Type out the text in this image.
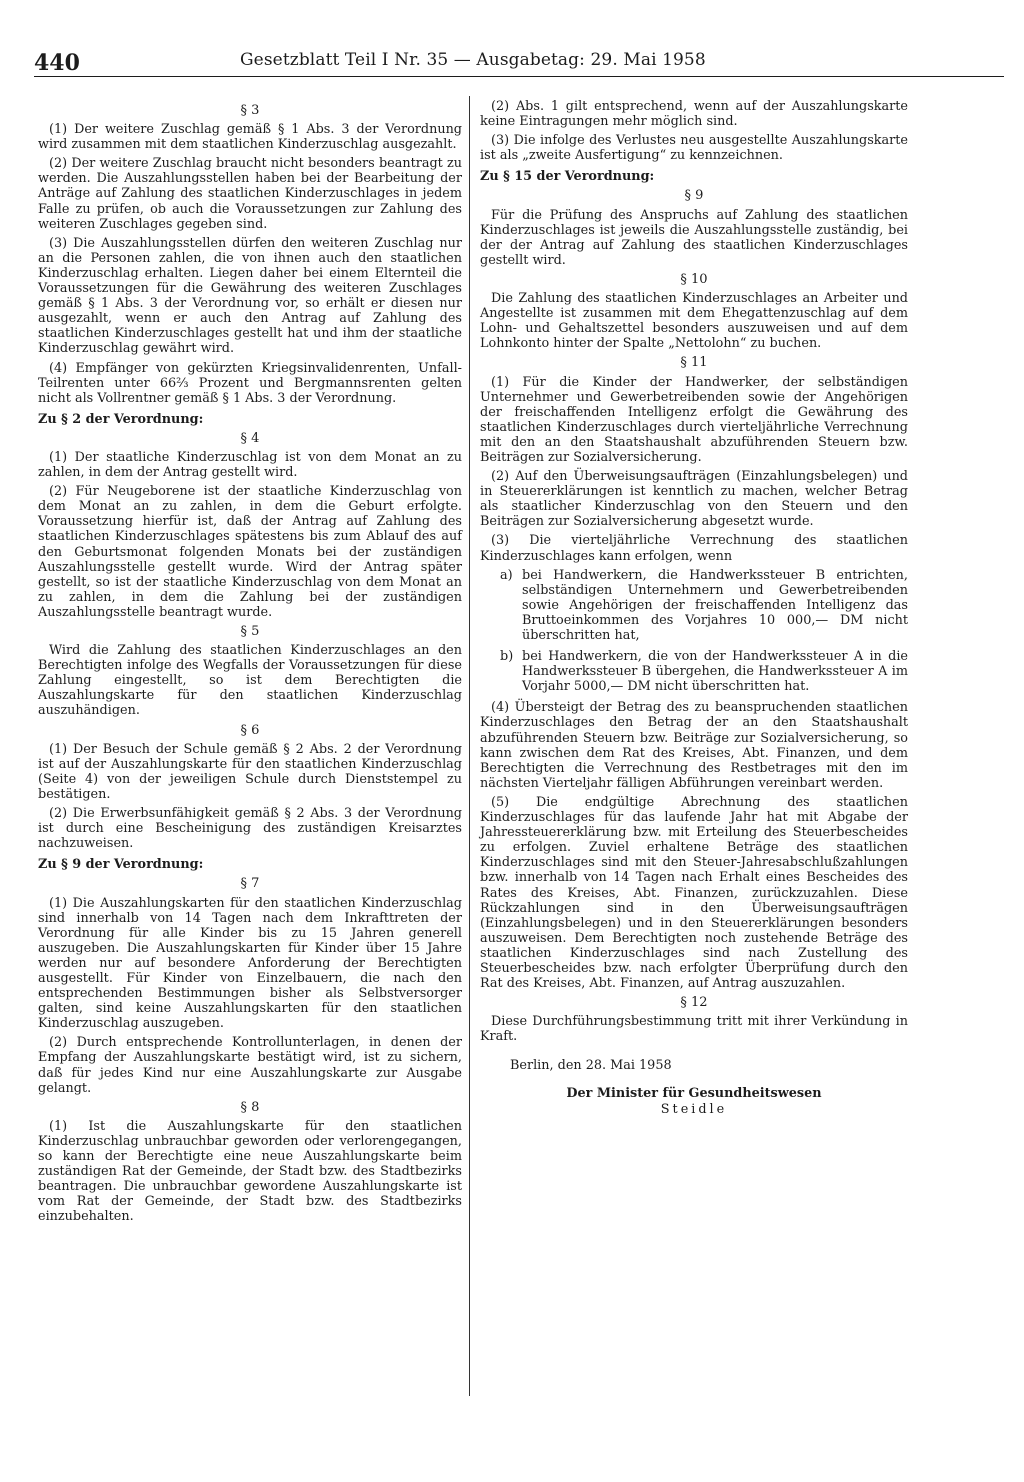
440	Gesetzblatt Teil I Nr. 35 — Ausgabetag: 29. Mai 1958
§ 3

(1) Der weitere Zuschlag gemäß § 1 Abs. 3 der Verordnung wird zusammen mit dem staatlichen Kinderzuschlag ausgezahlt.

(2) Der weitere Zuschlag braucht nicht besonders beantragt zu werden. Die Auszahlungsstellen haben bei der Bearbeitung der Anträge auf Zahlung des staatlichen Kinderzuschlages in jedem Falle zu prüfen, ob auch die Voraussetzungen zur Zahlung des weiteren Zuschlages gegeben sind.

(3) Die Auszahlungsstellen dürfen den weiteren Zuschlag nur an die Personen zahlen, die von ihnen auch den staatlichen Kinderzuschlag erhalten. Liegen daher bei einem Elternteil die Voraussetzungen für die Gewährung des weiteren Zuschlages gemäß § 1 Abs. 3 der Verordnung vor, so erhält er diesen nur ausgezahlt, wenn er auch den Antrag auf Zahlung des staatlichen Kinderzuschlages gestellt hat und ihm der staatliche Kinderzuschlag gewährt wird.

(4) Empfänger von gekürzten Kriegsinvalidenrenten, Unfall-Teilrenten unter 66⅔ Prozent und Bergmannsrenten gelten nicht als Vollrentner gemäß § 1 Abs. 3 der Verordnung.

Zu § 2 der Verordnung:
§ 4

(1) Der staatliche Kinderzuschlag ist von dem Monat an zu zahlen, in dem der Antrag gestellt wird.

(2) Für Neugeborene ist der staatliche Kinderzuschlag von dem Monat an zu zahlen, in dem die Geburt erfolgte. Voraussetzung hierfür ist, daß der Antrag auf Zahlung des staatlichen Kinderzuschlages spätestens bis zum Ablauf des auf den Geburtsmonat folgenden Monats bei der zuständigen Auszahlungsstelle gestellt wurde. Wird der Antrag später gestellt, so ist der staatliche Kinderzuschlag von dem Monat an zu zahlen, in dem die Zahlung bei der zuständigen Auszahlungsstelle beantragt wurde.

§ 5

Wird die Zahlung des staatlichen Kinderzuschlages an den Berechtigten infolge des Wegfalls der Voraussetzungen für diese Zahlung eingestellt, so ist dem Berechtigten die Auszahlungskarte für den staatlichen Kinderzuschlag auszuhändigen.

§ 6

(1) Der Besuch der Schule gemäß § 2 Abs. 2 der Verordnung ist auf der Auszahlungskarte für den staatlichen Kinderzuschlag (Seite 4) von der jeweiligen Schule durch Dienststempel zu bestätigen.

(2) Die Erwerbsunfähigkeit gemäß § 2 Abs. 3 der Verordnung ist durch eine Bescheinigung des zuständigen Kreisarztes nachzuweisen.

Zu § 9 der Verordnung:
§ 7

(1) Die Auszahlungskarten für den staatlichen Kinderzuschlag sind innerhalb von 14 Tagen nach dem Inkrafttreten der Verordnung für alle Kinder bis zu 15 Jahren generell auszugeben. Die Auszahlungskarten für Kinder über 15 Jahre werden nur auf besondere Anforderung der Berechtigten ausgestellt. Für Kinder von Einzelbauern, die nach den entsprechenden Bestimmungen bisher als Selbstversorger galten, sind keine Auszahlungskarten für den staatlichen Kinderzuschlag auszugeben.

(2) Durch entsprechende Kontrollunterlagen, in denen der Empfang der Auszahlungskarte bestätigt wird, ist zu sichern, daß für jedes Kind nur eine Auszahlungskarte zur Ausgabe gelangt.

§ 8

(1) Ist die Auszahlungskarte für den staatlichen Kinderzuschlag unbrauchbar geworden oder verlorengegangen, so kann der Berechtigte eine neue Auszahlungskarte beim zuständigen Rat der Gemeinde, der Stadt bzw. des Stadtbezirks beantragen. Die unbrauchbar gewordene Auszahlungskarte ist vom Rat der Gemeinde, der Stadt bzw. des Stadtbezirks einzubehalten.

(2) Abs. 1 gilt entsprechend, wenn auf der Auszahlungskarte keine Eintragungen mehr möglich sind.

(3) Die infolge des Verlustes neu ausgestellte Auszahlungskarte ist als „zweite Ausfertigung“ zu kennzeichnen.

Zu § 15 der Verordnung:
§ 9

Für die Prüfung des Anspruchs auf Zahlung des staatlichen Kinderzuschlages ist jeweils die Auszahlungsstelle zuständig, bei der der Antrag auf Zahlung des staatlichen Kinderzuschlages gestellt wird.

§ 10

Die Zahlung des staatlichen Kinderzuschlages an Arbeiter und Angestellte ist zusammen mit dem Ehegattenzuschlag auf dem Lohn- und Gehaltszettel besonders auszuweisen und auf dem Lohnkonto hinter der Spalte „Nettolohn“ zu buchen.

§ 11

(1) Für die Kinder der Handwerker, der selbständigen Unternehmer und Gewerbetreibenden sowie der Angehörigen der freischaffenden Intelligenz erfolgt die Gewährung des staatlichen Kinderzuschlages durch vierteljährliche Verrechnung mit den an den Staatshaushalt abzuführenden Steuern bzw. Beiträgen zur Sozialversicherung.

(2) Auf den Überweisungsaufträgen (Einzahlungsbelegen) und in Steuererklärungen ist kenntlich zu machen, welcher Betrag als staatlicher Kinderzuschlag von den Steuern und den Beiträgen zur Sozialversicherung abgesetzt wurde.

(3) Die vierteljährliche Verrechnung des staatlichen Kinderzuschlages kann erfolgen, wenn

a) bei Handwerkern, die Handwerkssteuer B entrichten, selbständigen Unternehmern und Gewerbetreibenden sowie Angehörigen der freischaffenden Intelligenz das Bruttoeinkommen des Vorjahres 10 000,— DM nicht überschritten hat,
b) bei Handwerkern, die von der Handwerkssteuer A in die Handwerkssteuer B übergehen, die Handwerkssteuer A im Vorjahr 5000,— DM nicht überschritten hat.

(4) Übersteigt der Betrag des zu beanspruchenden staatlichen Kinderzuschlages den Betrag der an den Staatshaushalt abzuführenden Steuern bzw. Beiträge zur Sozialversicherung, so kann zwischen dem Rat des Kreises, Abt. Finanzen, und dem Berechtigten die Verrechnung des Restbetrages mit den im nächsten Vierteljahr fälligen Abführungen vereinbart werden.

(5) Die endgültige Abrechnung des staatlichen Kinderzuschlages für das laufende Jahr hat mit Abgabe der Jahressteuererklärung bzw. mit Erteilung des Steuerbescheides zu erfolgen. Zuviel erhaltene Beträge des staatlichen Kinderzuschlages sind mit den Steuer-Jahresabschlußzahlungen bzw. innerhalb von 14 Tagen nach Erhalt eines Bescheides des Rates des Kreises, Abt. Finanzen, zurückzuzahlen. Diese Rückzahlungen sind in den Überweisungsaufträgen (Einzahlungsbelegen) und in den Steuererklärungen besonders auszuweisen. Dem Berechtigten noch zustehende Beträge des staatlichen Kinderzuschlages sind nach Zustellung des Steuerbescheides bzw. nach erfolgter Überprüfung durch den Rat des Kreises, Abt. Finanzen, auf Antrag auszuzahlen.

§ 12

Diese Durchführungsbestimmung tritt mit ihrer Verkündung in Kraft.

Berlin, den 28. Mai 1958
Der Minister für Gesundheitswesen
Steidle
